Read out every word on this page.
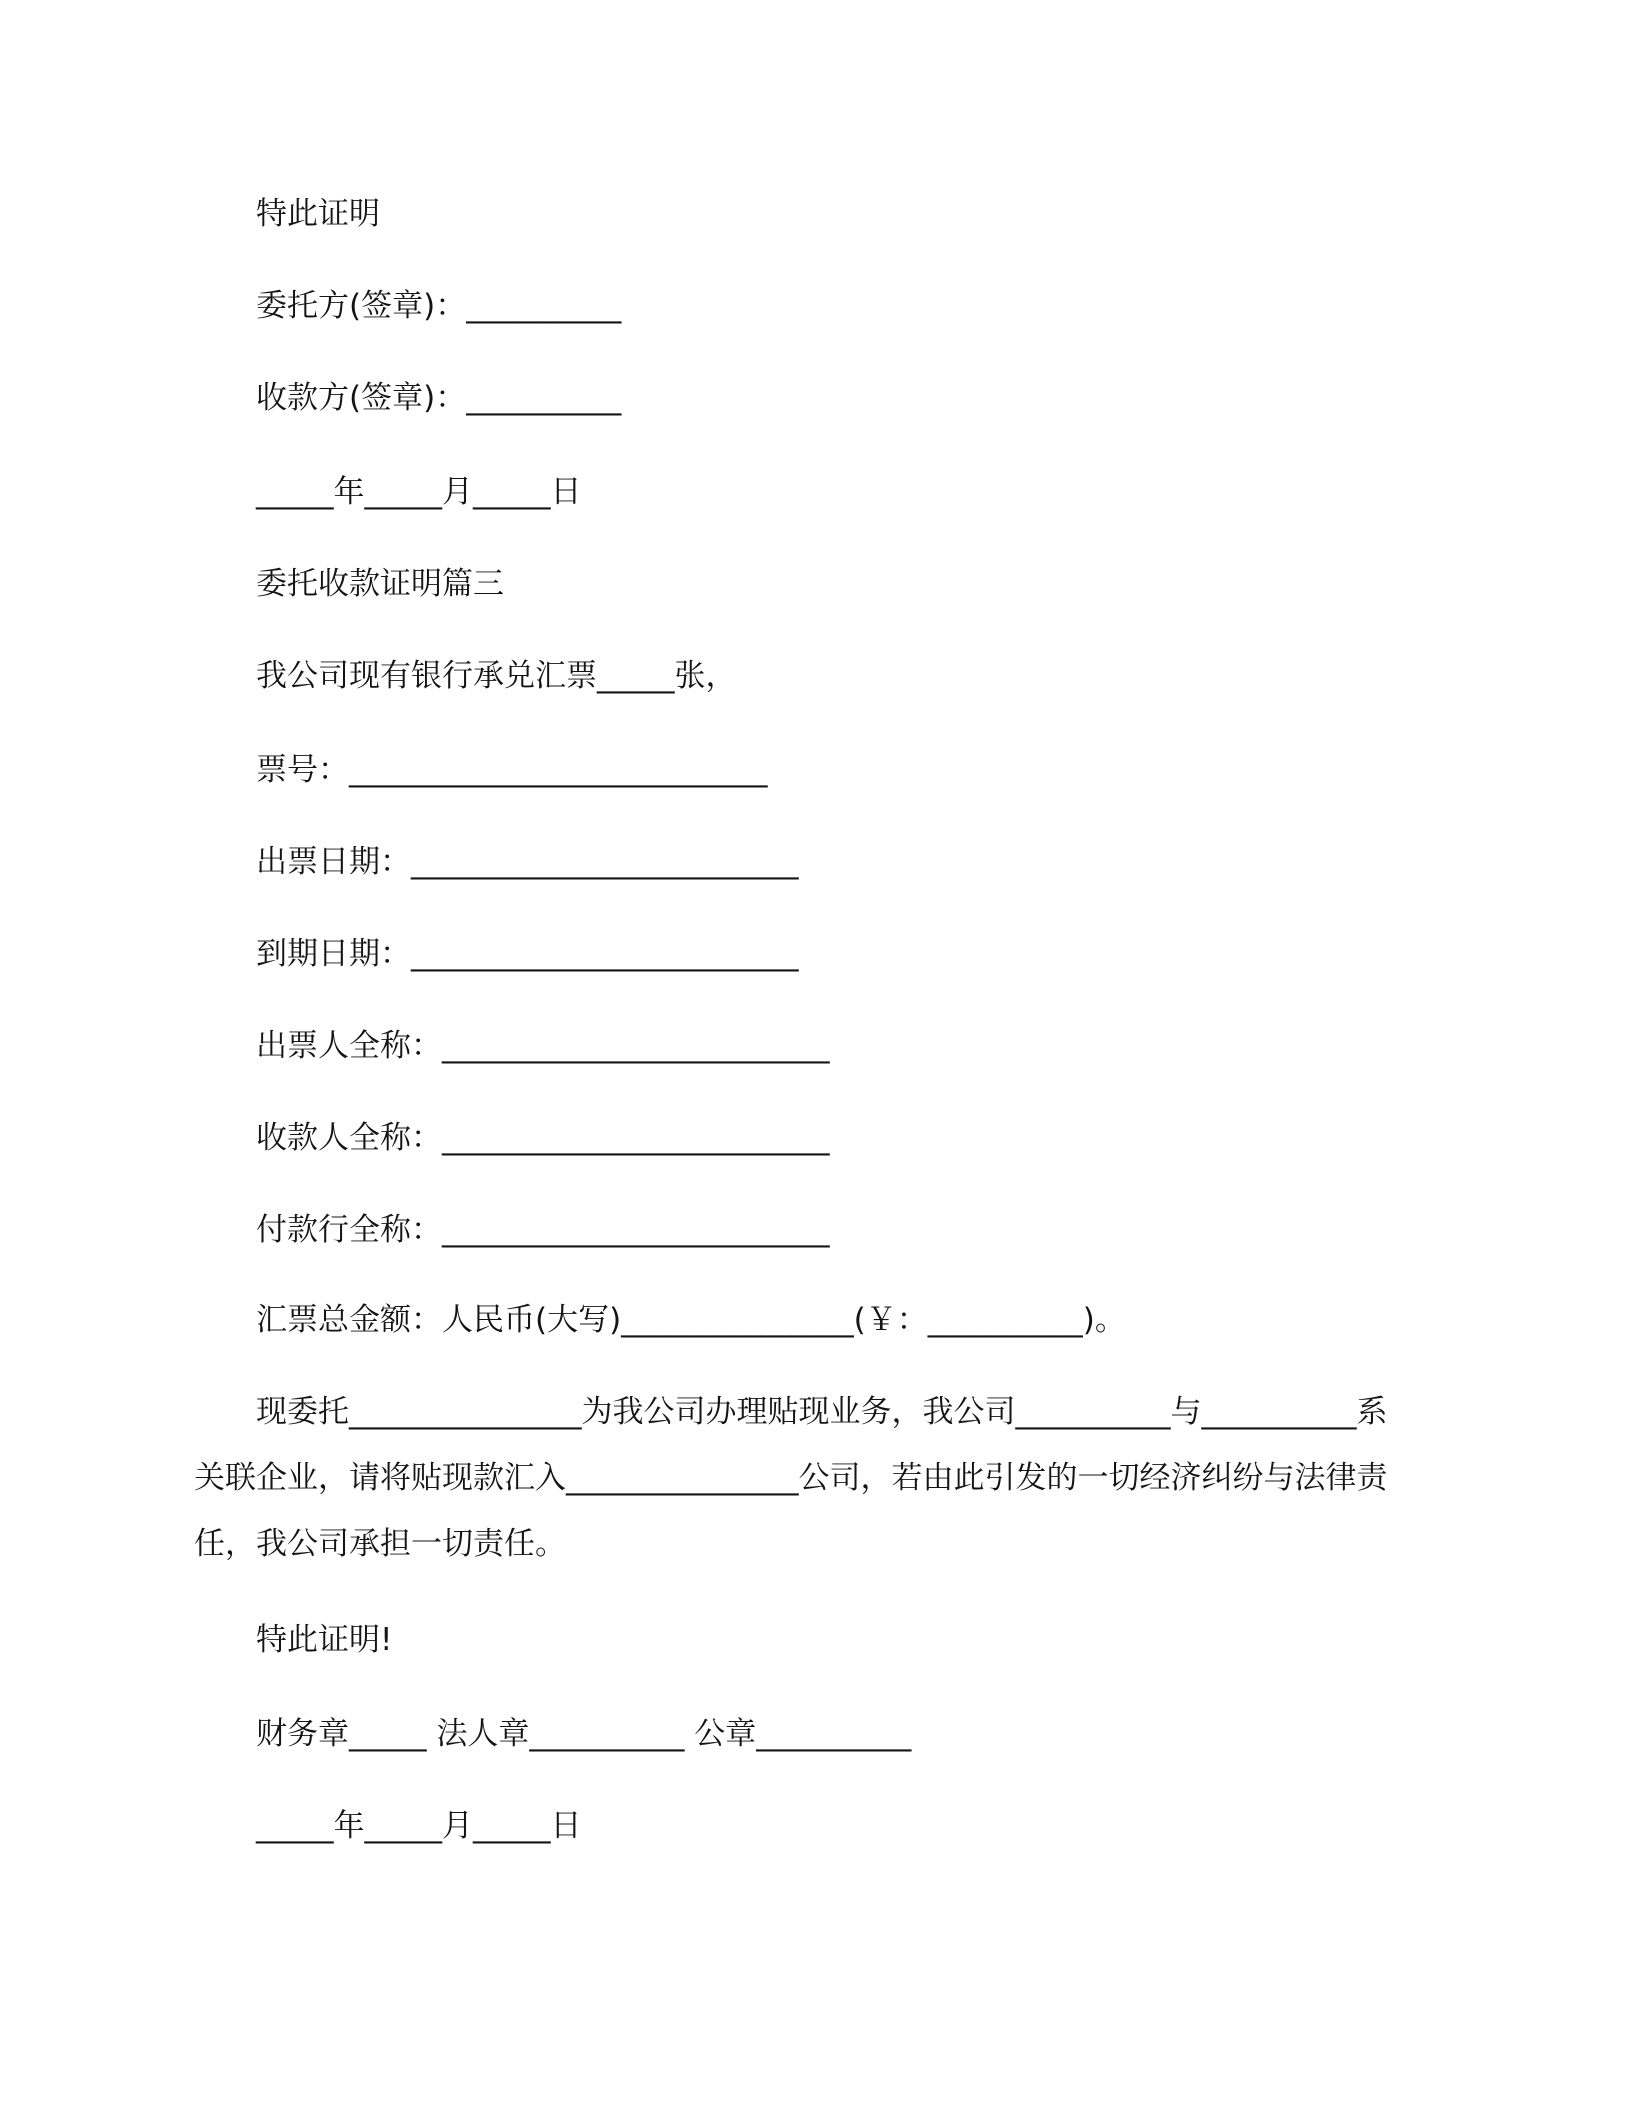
特此证明
委托方(签章)：__________
收款方(签章)：__________
_____年_____月_____日
委托收款证明篇三
我公司现有银行承兑汇票_____张，
票号：___________________________
出票日期：_________________________
到期日期：_________________________
出票人全称：_________________________
收款人全称：_________________________
付款行全称：_________________________
汇票总金额：人民币(大写)_______________(￥：__________)。
现委托_______________为我公司办理贴现业务，我公司__________与__________系关联企业，请将贴现款汇入_______________公司，若由此引发的一切经济纠纷与法律责任，我公司承担一切责任。
特此证明!
财务章_____ 法人章__________ 公章__________
_____年_____月_____日
